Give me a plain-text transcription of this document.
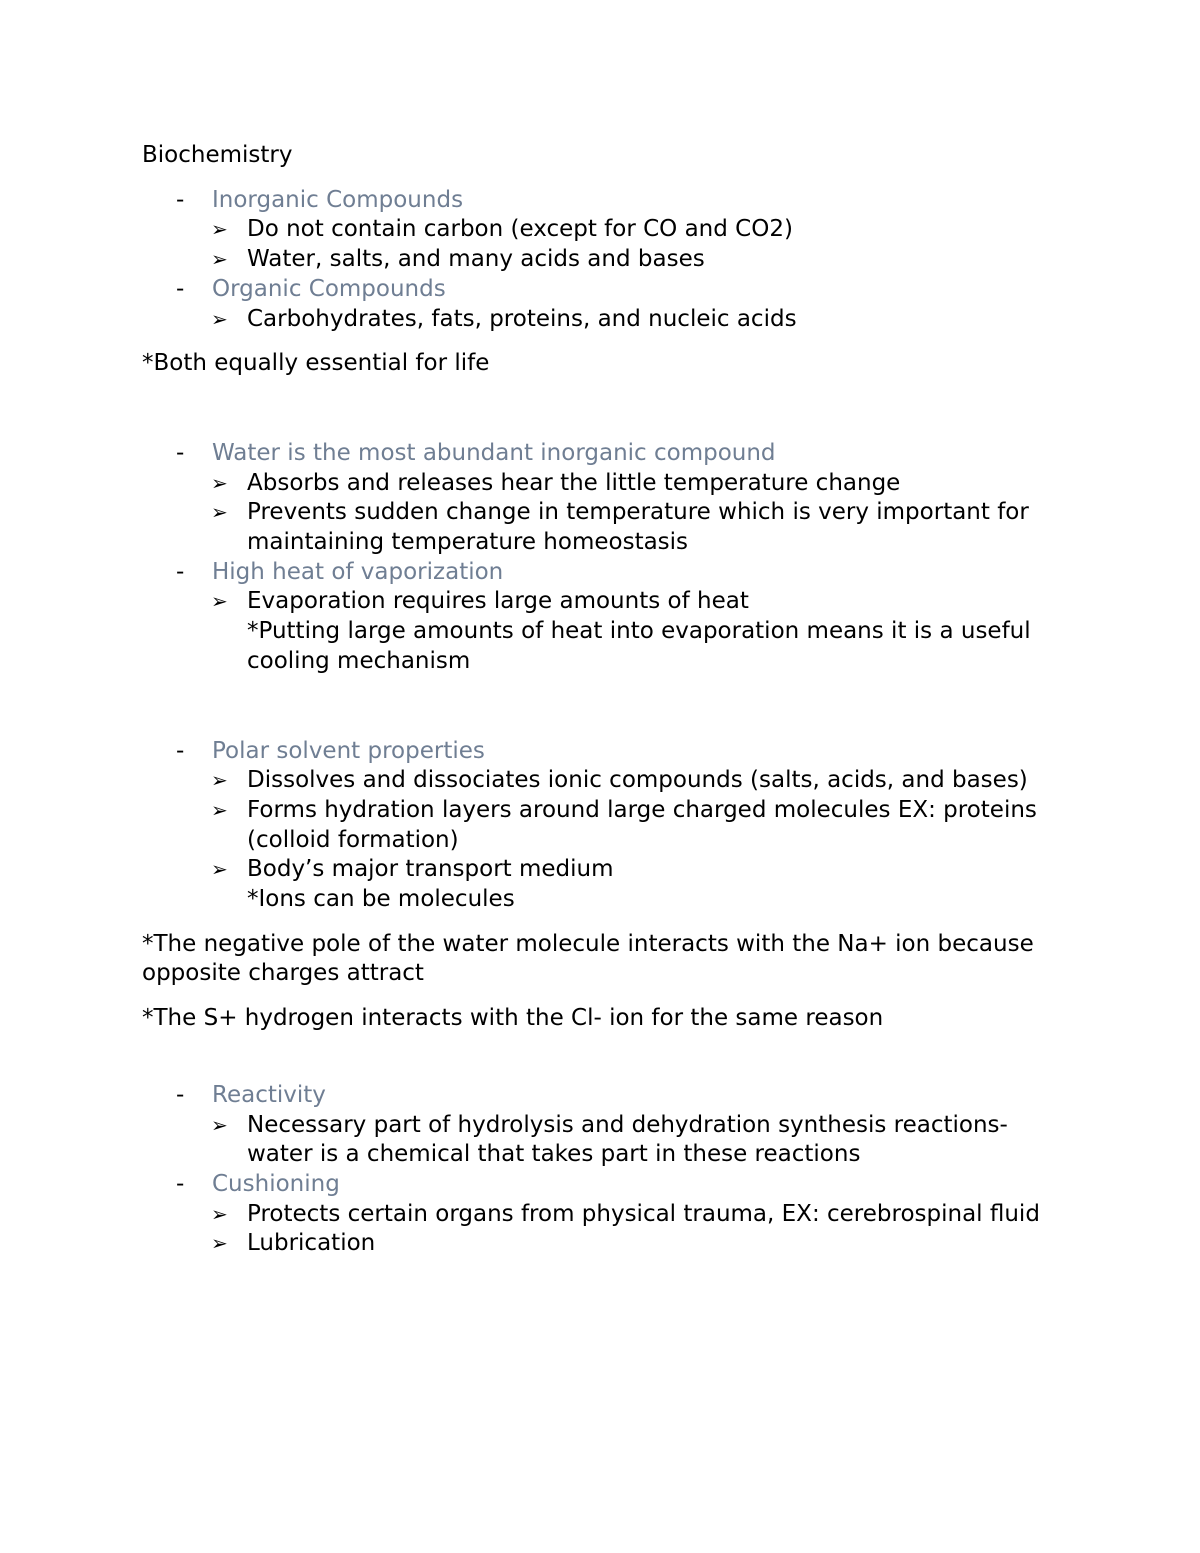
Biochemistry
- Inorganic Compounds
➢ Do not contain carbon (except for CO and CO2)
➢ Water, salts, and many acids and bases
- Organic Compounds
➢ Carbohydrates, fats, proteins, and nucleic acids
*Both equally essential for life
- Water is the most abundant inorganic compound
➢ Absorbs and releases hear the little temperature change
➢ Prevents sudden change in temperature which is very important for maintaining temperature homeostasis
- High heat of vaporization
➢ Evaporation requires large amounts of heat
*Putting large amounts of heat into evaporation means it is a useful cooling mechanism
- Polar solvent properties
➢ Dissolves and dissociates ionic compounds (salts, acids, and bases)
➢ Forms hydration layers around large charged molecules EX: proteins (colloid formation)
➢ Body’s major transport medium
*Ions can be molecules
*The negative pole of the water molecule interacts with the Na+ ion because opposite charges attract
*The S+ hydrogen interacts with the Cl- ion for the same reason
- Reactivity
➢ Necessary part of hydrolysis and dehydration synthesis reactions- water is a chemical that takes part in these reactions
- Cushioning
➢ Protects certain organs from physical trauma, EX: cerebrospinal fluid
➢ Lubrication
